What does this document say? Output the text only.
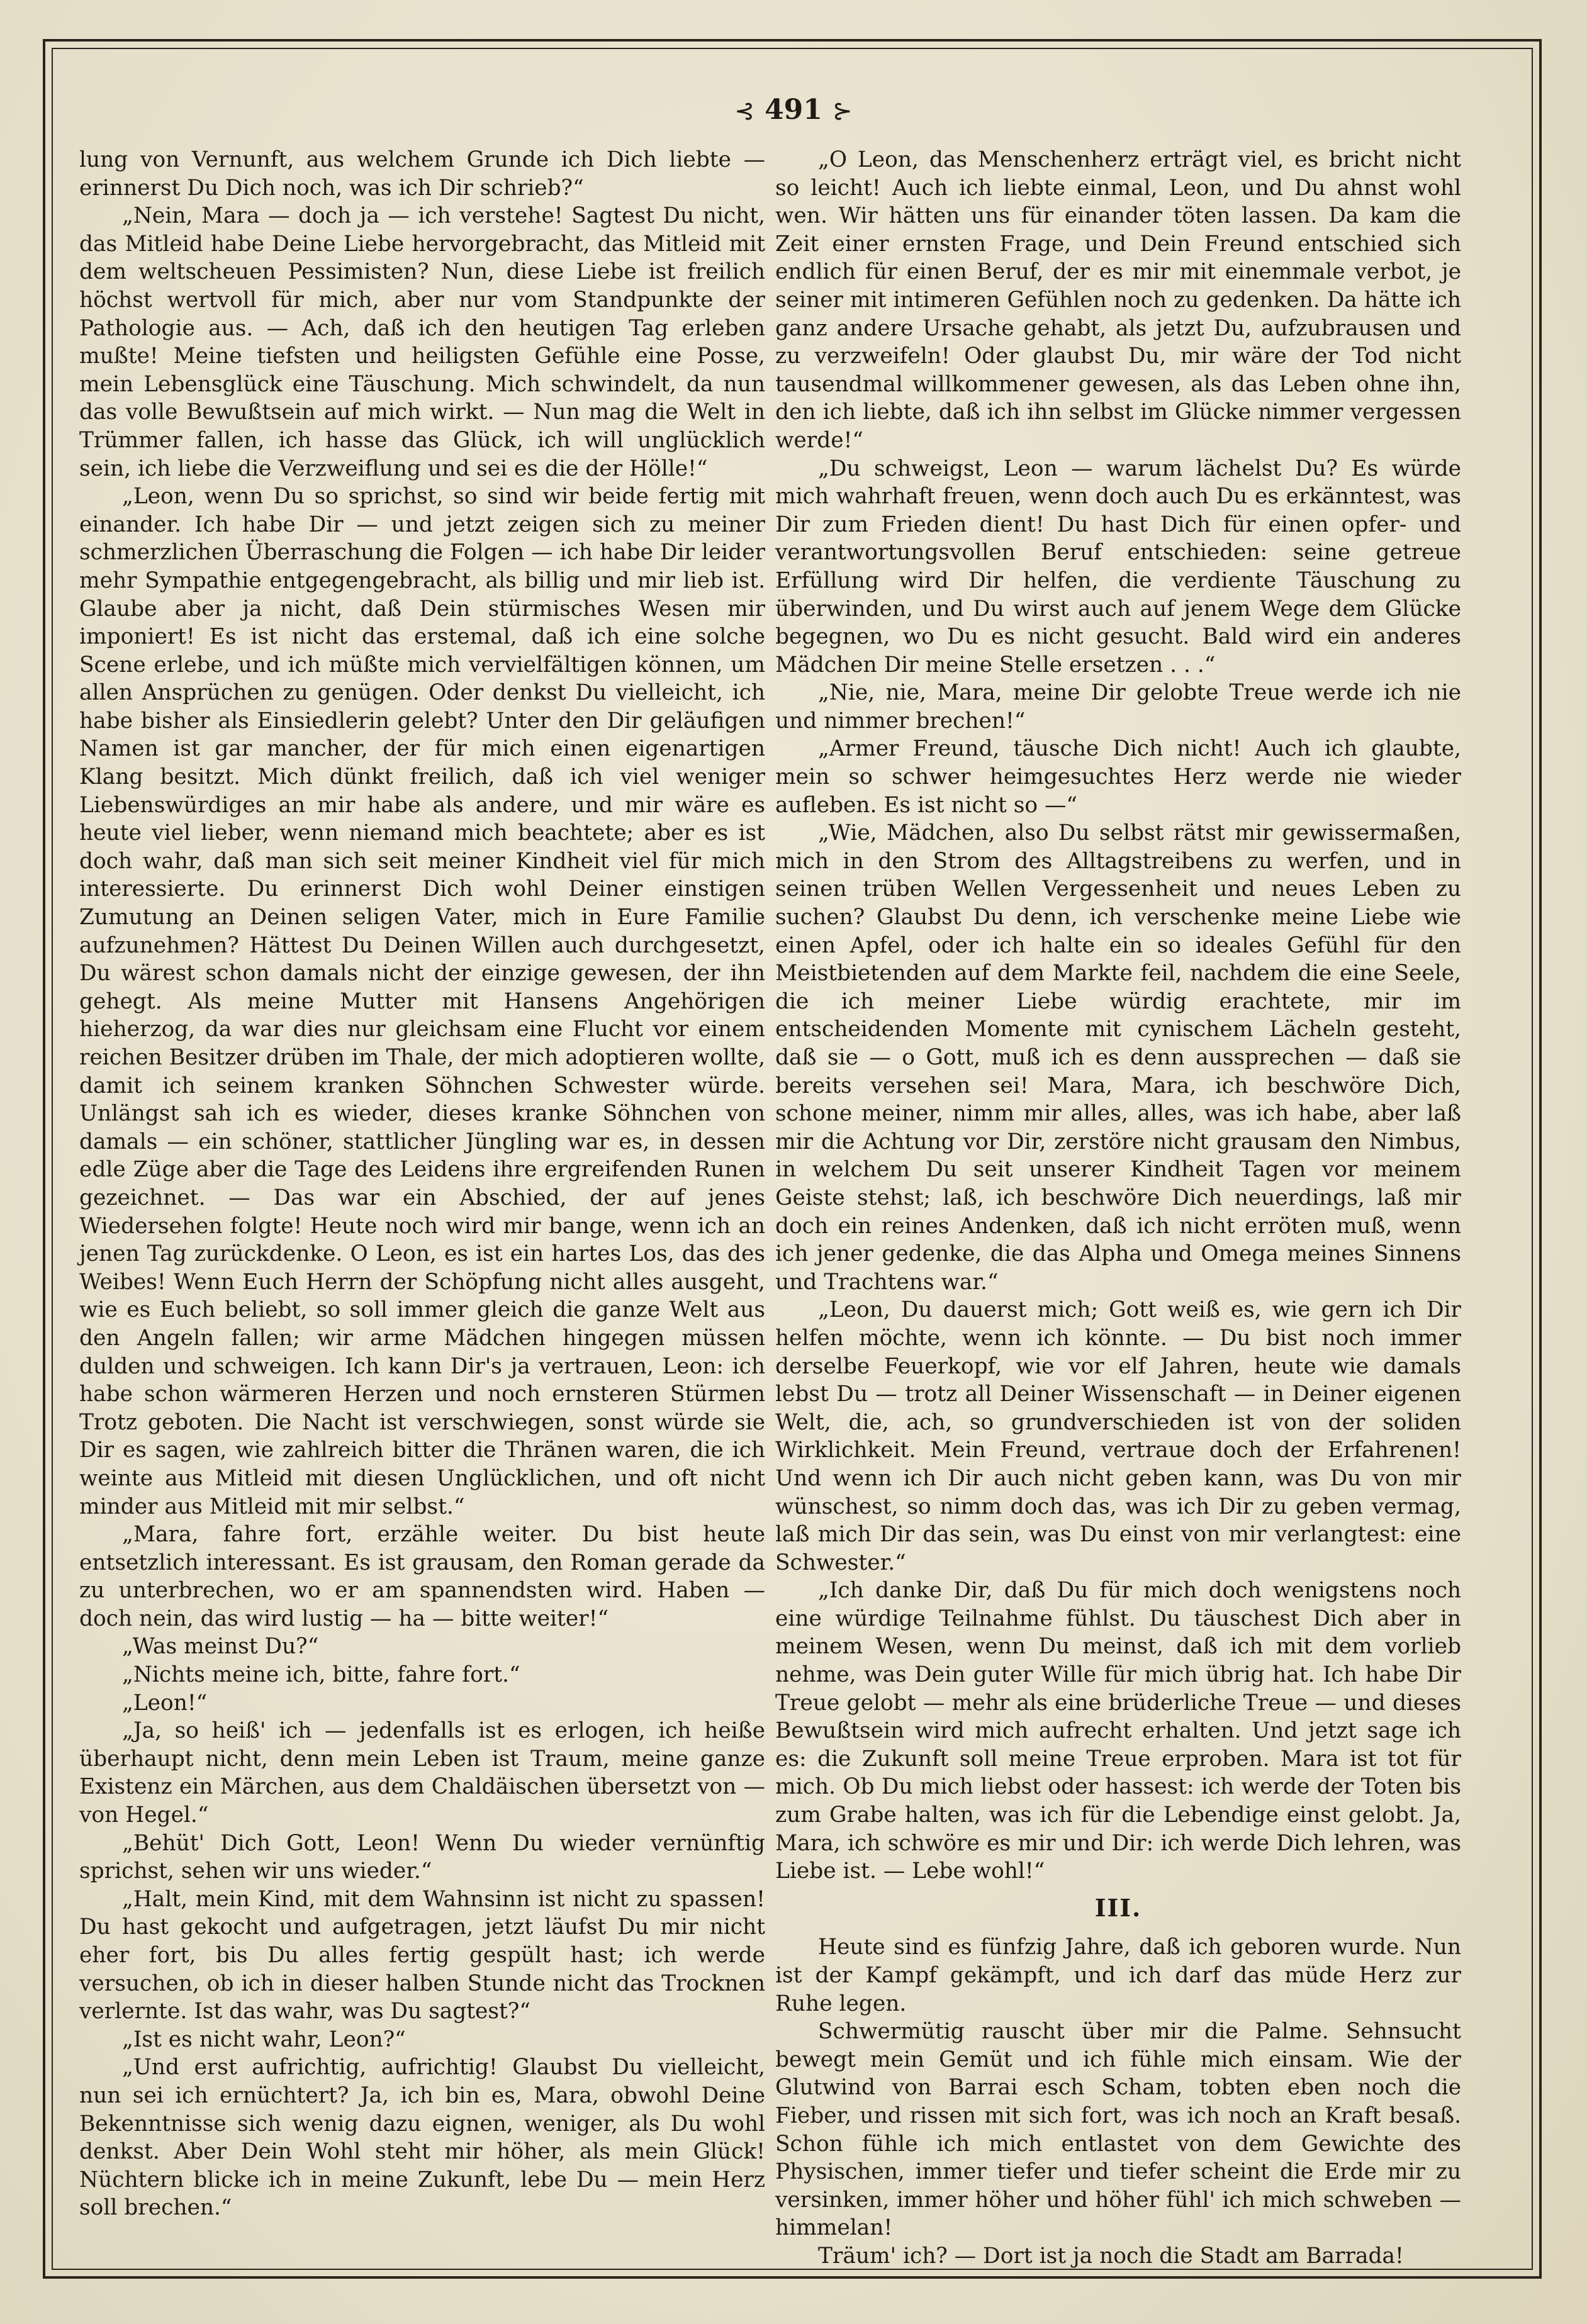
⊰ 491 ⊱

lung von Vernunft, aus welchem Grunde ich Dich liebte — erinnerst Du Dich noch, was ich Dir schrieb?“

„Nein, Mara — doch ja — ich verstehe! Sagtest Du nicht, das Mitleid habe Deine Liebe hervorgebracht, das Mitleid mit dem weltscheuen Pessimisten? Nun, diese Liebe ist freilich höchst wertvoll für mich, aber nur vom Standpunkte der Pathologie aus. — Ach, daß ich den heutigen Tag erleben mußte! Meine tiefsten und heiligsten Gefühle eine Posse, mein Lebensglück eine Täuschung. Mich schwindelt, da nun das volle Bewußtsein auf mich wirkt. — Nun mag die Welt in Trümmer fallen, ich hasse das Glück, ich will unglücklich sein, ich liebe die Verzweiflung und sei es die der Hölle!“

„Leon, wenn Du so sprichst, so sind wir beide fertig mit einander. Ich habe Dir — und jetzt zeigen sich zu meiner schmerzlichen Überraschung die Folgen — ich habe Dir leider mehr Sympathie entgegengebracht, als billig und mir lieb ist. Glaube aber ja nicht, daß Dein stürmisches Wesen mir imponiert! Es ist nicht das erstemal, daß ich eine solche Scene erlebe, und ich müßte mich vervielfältigen können, um allen Ansprüchen zu genügen. Oder denkst Du vielleicht, ich habe bisher als Einsiedlerin gelebt? Unter den Dir geläufigen Namen ist gar mancher, der für mich einen eigenartigen Klang besitzt. Mich dünkt freilich, daß ich viel weniger Liebenswürdiges an mir habe als andere, und mir wäre es heute viel lieber, wenn niemand mich beachtete; aber es ist doch wahr, daß man sich seit meiner Kindheit viel für mich interessierte. Du erinnerst Dich wohl Deiner einstigen Zumutung an Deinen seligen Vater, mich in Eure Familie aufzunehmen? Hättest Du Deinen Willen auch durchgesetzt, Du wärest schon damals nicht der einzige gewesen, der ihn gehegt. Als meine Mutter mit Hansens Angehörigen hieherzog, da war dies nur gleichsam eine Flucht vor einem reichen Besitzer drüben im Thale, der mich adoptieren wollte, damit ich seinem kranken Söhnchen Schwester würde. Unlängst sah ich es wieder, dieses kranke Söhnchen von damals — ein schöner, stattlicher Jüngling war es, in dessen edle Züge aber die Tage des Leidens ihre ergreifenden Runen gezeichnet. — Das war ein Abschied, der auf jenes Wiedersehen folgte! Heute noch wird mir bange, wenn ich an jenen Tag zurückdenke. O Leon, es ist ein hartes Los, das des Weibes! Wenn Euch Herrn der Schöpfung nicht alles ausgeht, wie es Euch beliebt, so soll immer gleich die ganze Welt aus den Angeln fallen; wir arme Mädchen hingegen müssen dulden und schweigen. Ich kann Dir's ja vertrauen, Leon: ich habe schon wärmeren Herzen und noch ernsteren Stürmen Trotz geboten. Die Nacht ist verschwiegen, sonst würde sie Dir es sagen, wie zahlreich bitter die Thränen waren, die ich weinte aus Mitleid mit diesen Unglücklichen, und oft nicht minder aus Mitleid mit mir selbst.“

„Mara, fahre fort, erzähle weiter. Du bist heute entsetzlich interessant. Es ist grausam, den Roman gerade da zu unterbrechen, wo er am spannendsten wird. Haben — doch nein, das wird lustig — ha — bitte weiter!“

„Was meinst Du?“

„Nichts meine ich, bitte, fahre fort.“

„Leon!“

„Ja, so heiß' ich — jedenfalls ist es erlogen, ich heiße überhaupt nicht, denn mein Leben ist Traum, meine ganze Existenz ein Märchen, aus dem Chaldäischen übersetzt von — von Hegel.“

„Behüt' Dich Gott, Leon! Wenn Du wieder vernünftig sprichst, sehen wir uns wieder.“

„Halt, mein Kind, mit dem Wahnsinn ist nicht zu spassen! Du hast gekocht und aufgetragen, jetzt läufst Du mir nicht eher fort, bis Du alles fertig gespült hast; ich werde versuchen, ob ich in dieser halben Stunde nicht das Trocknen verlernte. Ist das wahr, was Du sagtest?“

„Ist es nicht wahr, Leon?“

„Und erst aufrichtig, aufrichtig! Glaubst Du vielleicht, nun sei ich ernüchtert? Ja, ich bin es, Mara, obwohl Deine Bekenntnisse sich wenig dazu eignen, weniger, als Du wohl denkst. Aber Dein Wohl steht mir höher, als mein Glück! Nüchtern blicke ich in meine Zukunft, lebe Du — mein Herz soll brechen.“

„O Leon, das Menschenherz erträgt viel, es bricht nicht so leicht! Auch ich liebte einmal, Leon, und Du ahnst wohl wen. Wir hätten uns für einander töten lassen. Da kam die Zeit einer ernsten Frage, und Dein Freund entschied sich endlich für einen Beruf, der es mir mit einemmale verbot, je seiner mit intimeren Gefühlen noch zu gedenken. Da hätte ich ganz andere Ursache gehabt, als jetzt Du, aufzubrausen und zu verzweifeln! Oder glaubst Du, mir wäre der Tod nicht tausendmal willkommener gewesen, als das Leben ohne ihn, den ich liebte, daß ich ihn selbst im Glücke nimmer vergessen werde!“

„Du schweigst, Leon — warum lächelst Du? Es würde mich wahrhaft freuen, wenn doch auch Du es erkänntest, was Dir zum Frieden dient! Du hast Dich für einen opfer- und verantwortungsvollen Beruf entschieden: seine getreue Erfüllung wird Dir helfen, die verdiente Täuschung zu überwinden, und Du wirst auch auf jenem Wege dem Glücke begegnen, wo Du es nicht gesucht. Bald wird ein anderes Mädchen Dir meine Stelle ersetzen . . .“

„Nie, nie, Mara, meine Dir gelobte Treue werde ich nie und nimmer brechen!“

„Armer Freund, täusche Dich nicht! Auch ich glaubte, mein so schwer heimgesuchtes Herz werde nie wieder aufleben. Es ist nicht so —“

„Wie, Mädchen, also Du selbst rätst mir gewissermaßen, mich in den Strom des Alltagstreibens zu werfen, und in seinen trüben Wellen Vergessenheit und neues Leben zu suchen? Glaubst Du denn, ich verschenke meine Liebe wie einen Apfel, oder ich halte ein so ideales Gefühl für den Meistbietenden auf dem Markte feil, nachdem die eine Seele, die ich meiner Liebe würdig erachtete, mir im entscheidenden Momente mit cynischem Lächeln gesteht, daß sie — o Gott, muß ich es denn aussprechen — daß sie bereits versehen sei! Mara, Mara, ich beschwöre Dich, schone meiner, nimm mir alles, alles, was ich habe, aber laß mir die Achtung vor Dir, zerstöre nicht grausam den Nimbus, in welchem Du seit unserer Kindheit Tagen vor meinem Geiste stehst; laß, ich beschwöre Dich neuerdings, laß mir doch ein reines Andenken, daß ich nicht erröten muß, wenn ich jener gedenke, die das Alpha und Omega meines Sinnens und Trachtens war.“

„Leon, Du dauerst mich; Gott weiß es, wie gern ich Dir helfen möchte, wenn ich könnte. — Du bist noch immer derselbe Feuerkopf, wie vor elf Jahren, heute wie damals lebst Du — trotz all Deiner Wissenschaft — in Deiner eigenen Welt, die, ach, so grundverschieden ist von der soliden Wirklichkeit. Mein Freund, vertraue doch der Erfahrenen! Und wenn ich Dir auch nicht geben kann, was Du von mir wünschest, so nimm doch das, was ich Dir zu geben vermag, laß mich Dir das sein, was Du einst von mir verlangtest: eine Schwester.“

„Ich danke Dir, daß Du für mich doch wenigstens noch eine würdige Teilnahme fühlst. Du täuschest Dich aber in meinem Wesen, wenn Du meinst, daß ich mit dem vorlieb nehme, was Dein guter Wille für mich übrig hat. Ich habe Dir Treue gelobt — mehr als eine brüderliche Treue — und dieses Bewußtsein wird mich aufrecht erhalten. Und jetzt sage ich es: die Zukunft soll meine Treue erproben. Mara ist tot für mich. Ob Du mich liebst oder hassest: ich werde der Toten bis zum Grabe halten, was ich für die Lebendige einst gelobt. Ja, Mara, ich schwöre es mir und Dir: ich werde Dich lehren, was Liebe ist. — Lebe wohl!“

III.

Heute sind es fünfzig Jahre, daß ich geboren wurde. Nun ist der Kampf gekämpft, und ich darf das müde Herz zur Ruhe legen.

Schwermütig rauscht über mir die Palme. Sehnsucht bewegt mein Gemüt und ich fühle mich einsam. Wie der Glutwind von Barrai esch Scham, tobten eben noch die Fieber, und rissen mit sich fort, was ich noch an Kraft besaß. Schon fühle ich mich entlastet von dem Gewichte des Physischen, immer tiefer und tiefer scheint die Erde mir zu versinken, immer höher und höher fühl' ich mich schweben — himmelan!

Träum' ich? — Dort ist ja noch die Stadt am Barrada!
